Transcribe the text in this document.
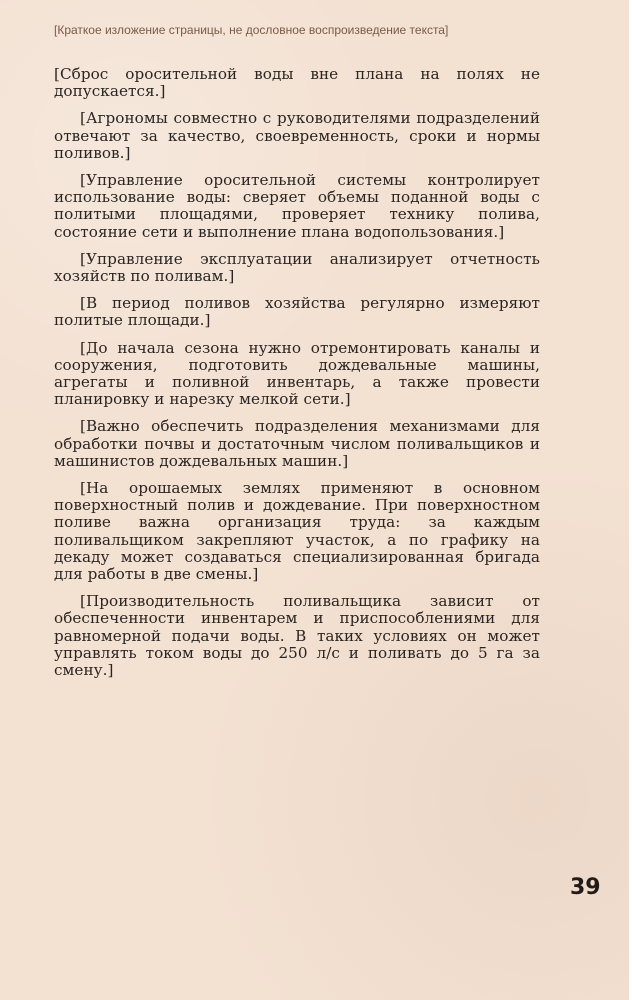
[Краткое изложение страницы, не дословное воспроизведение текста]

[Сброс оросительной воды вне плана на полях не допускается.]

[Агрономы совместно с руководителями подразделений отвечают за качество, своевременность, сроки и нормы поливов.]

[Управление оросительной системы контролирует использование воды: сверяет объемы поданной воды с политыми площадями, проверяет технику полива, состояние сети и выполнение плана водопользования.]

[Управление эксплуатации анализирует отчетность хозяйств по поливам.]

[В период поливов хозяйства регулярно измеряют политые площади.]

[До начала сезона нужно отремонтировать каналы и сооружения, подготовить дождевальные машины, агрегаты и поливной инвентарь, а также провести планировку и нарезку мелкой сети.]

[Важно обеспечить подразделения механизмами для обработки почвы и достаточным числом поливальщиков и машинистов дождевальных машин.]

[На орошаемых землях применяют в основном поверхностный полив и дождевание. При поверхностном поливе важна организация труда: за каждым поливальщиком закрепляют участок, а по графику на декаду может создаваться специализированная бригада для работы в две смены.]

[Производительность поливальщика зависит от обеспеченности инвентарем и приспособлениями для равномерной подачи воды. В таких условиях он может управлять током воды до 250 л/с и поливать до 5 га за смену.]

39
